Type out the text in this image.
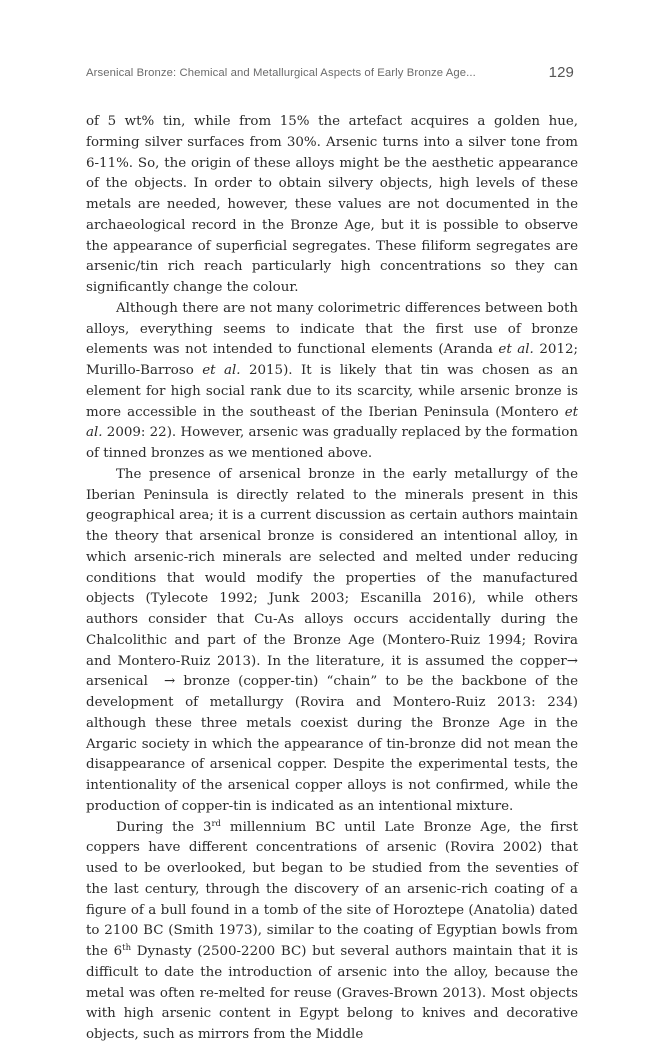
Arsenical Bronze: Chemical and Metallurgical Aspects of Early Bronze Age...	129

of 5 wt% tin, while from 15% the artefact acquires a golden hue, forming silver surfaces from 30%. Arsenic turns into a silver tone from 6-11%. So, the origin of these alloys might be the aesthetic appearance of the objects. In order to obtain silvery objects, high levels of these metals are needed, however, these values are not documented in the archaeological record in the Bronze Age, but it is possible to observe the appearance of superficial segregates. These filiform segregates are arsenic/tin rich reach particularly high concentrations so they can significantly change the colour.

Although there are not many colorimetric differences between both alloys, everything seems to indicate that the first use of bronze elements was not intended to functional elements (Aranda et al. 2012; Murillo-Barroso et al. 2015). It is likely that tin was chosen as an element for high social rank due to its scarcity, while arsenic bronze is more accessible in the southeast of the Iberian Peninsula (Montero et al. 2009: 22). However, arsenic was gradually replaced by the formation of tinned bronzes as we mentioned above.

The presence of arsenical bronze in the early metallurgy of the Iberian Peninsula is directly related to the minerals present in this geographical area; it is a current discussion as certain authors maintain the theory that arsenical bronze is considered an intentional alloy, in which arsenic-rich minerals are selected and melted under reducing conditions that would modify the properties of the manufactured objects (Tylecote 1992; Junk 2003; Escanilla 2016), while others authors consider that Cu-As alloys occurs accidentally during the Chalcolithic and part of the Bronze Age (Montero-Ruiz 1994; Rovira and Montero-Ruiz 2013). In the literature, it is assumed the copper→ arsenical  → bronze (copper-tin) “chain” to be the backbone of the development of metallurgy (Rovira and Montero-Ruiz 2013: 234) although these three metals coexist during the Bronze Age in the Argaric society in which the appearance of tin-bronze did not mean the disappearance of arsenical copper. Despite the experimental tests, the intentionality of the arsenical copper alloys is not confirmed, while the production of copper-tin is indicated as an intentional mixture.

During the 3rd millennium BC until Late Bronze Age, the first coppers have different concentrations of arsenic (Rovira 2002) that used to be overlooked, but began to be studied from the seventies of the last century, through the discovery of an arsenic-rich coating of a figure of a bull found in a tomb of the site of Horoztepe (Anatolia) dated to 2100 BC (Smith 1973), similar to the coating of Egyptian bowls from the 6th Dynasty (2500-2200 BC) but several authors maintain that it is difficult to date the introduction of arsenic into the alloy, because the metal was often re-melted for reuse (Graves-Brown 2013). Most objects with high arsenic content in Egypt belong to knives and decorative objects, such as mirrors from the Middle
